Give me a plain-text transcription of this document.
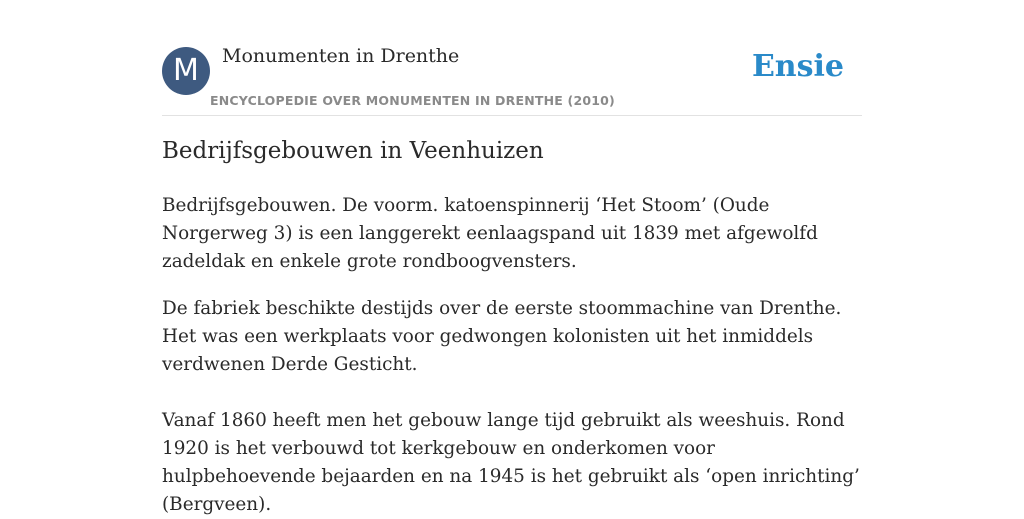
M	Monumenten in Drenthe
ENCYCLOPEDIE OVER MONUMENTEN IN DRENTHE (2010)
Ensie
Bedrijfsgebouwen in Veenhuizen

Bedrijfsgebouwen. De voorm. katoenspinnerij ‘Het Stoom’ (Oude Norgerweg 3) is een langgerekt eenlaagspand uit 1839 met afgewolfd zadeldak en enkele grote rondboogvensters.

De fabriek beschikte destijds over de eerste stoommachine van Drenthe. Het was een werkplaats voor gedwongen kolonisten uit het inmiddels verdwenen Derde Gesticht.

Vanaf 1860 heeft men het gebouw lange tijd gebruikt als weeshuis. Rond 1920 is het verbouwd tot kerkgebouw en onderkomen voor hulpbehoevende bejaarden en na 1945 is het gebruikt als ‘open inrichting’ (Bergveen).
